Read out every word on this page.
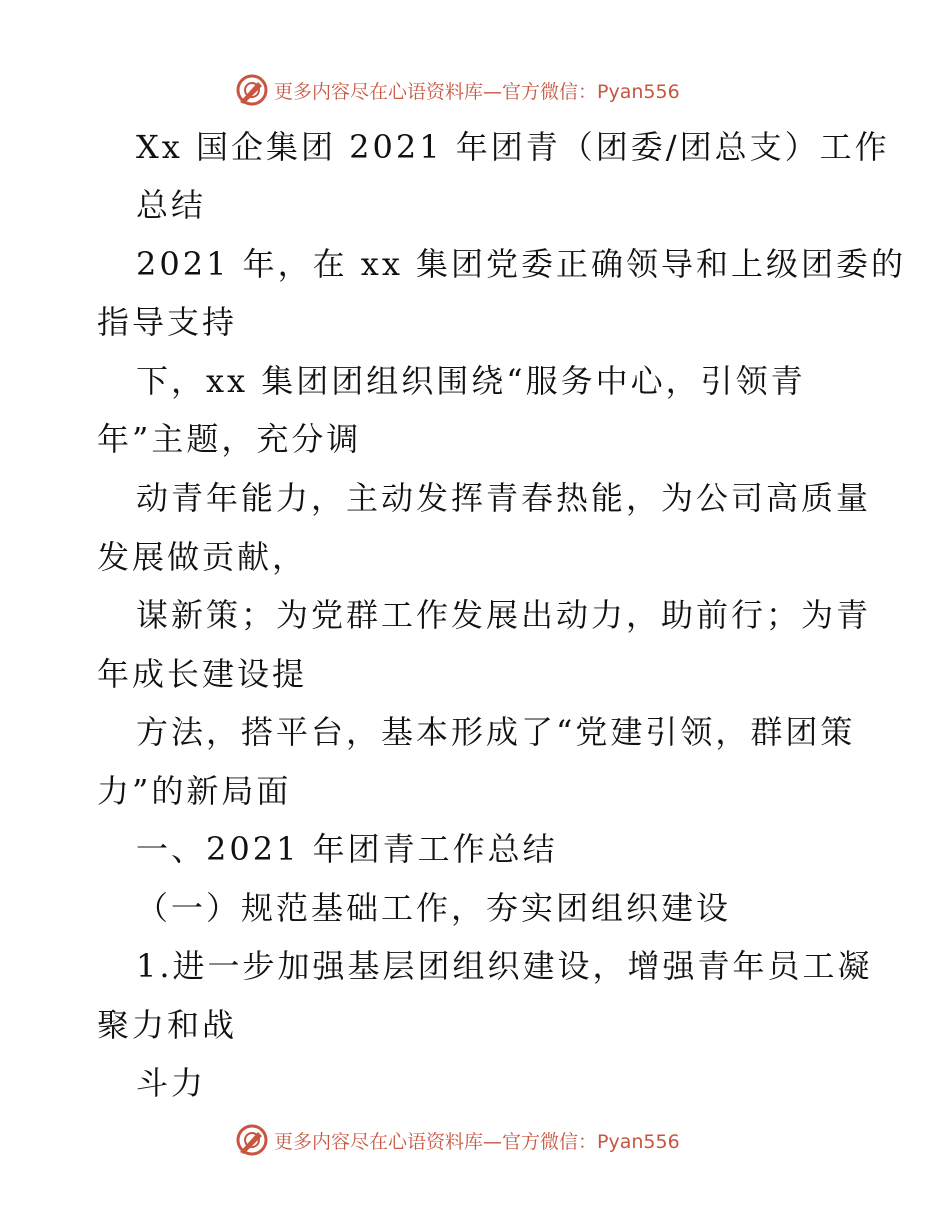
更多内容尽在心语资料库—官方微信：Pyan556
Xx 国企集团 2021 年团青（团委/团总支）工作
总结
2021 年，在 xx 集团党委正确领导和上级团委的
指导支持
下，xx 集团团组织围绕“服务中心，引领青
年”主题，充分调
动青年能力，主动发挥青春热能，为公司高质量
发展做贡献，
谋新策；为党群工作发展出动力，助前行；为青
年成长建设提
方法，搭平台，基本形成了“党建引领，群团策
力”的新局面
一、2021 年团青工作总结
（一）规范基础工作，夯实团组织建设
1.进一步加强基层团组织建设，增强青年员工凝
聚力和战
斗力
更多内容尽在心语资料库—官方微信：Pyan556
